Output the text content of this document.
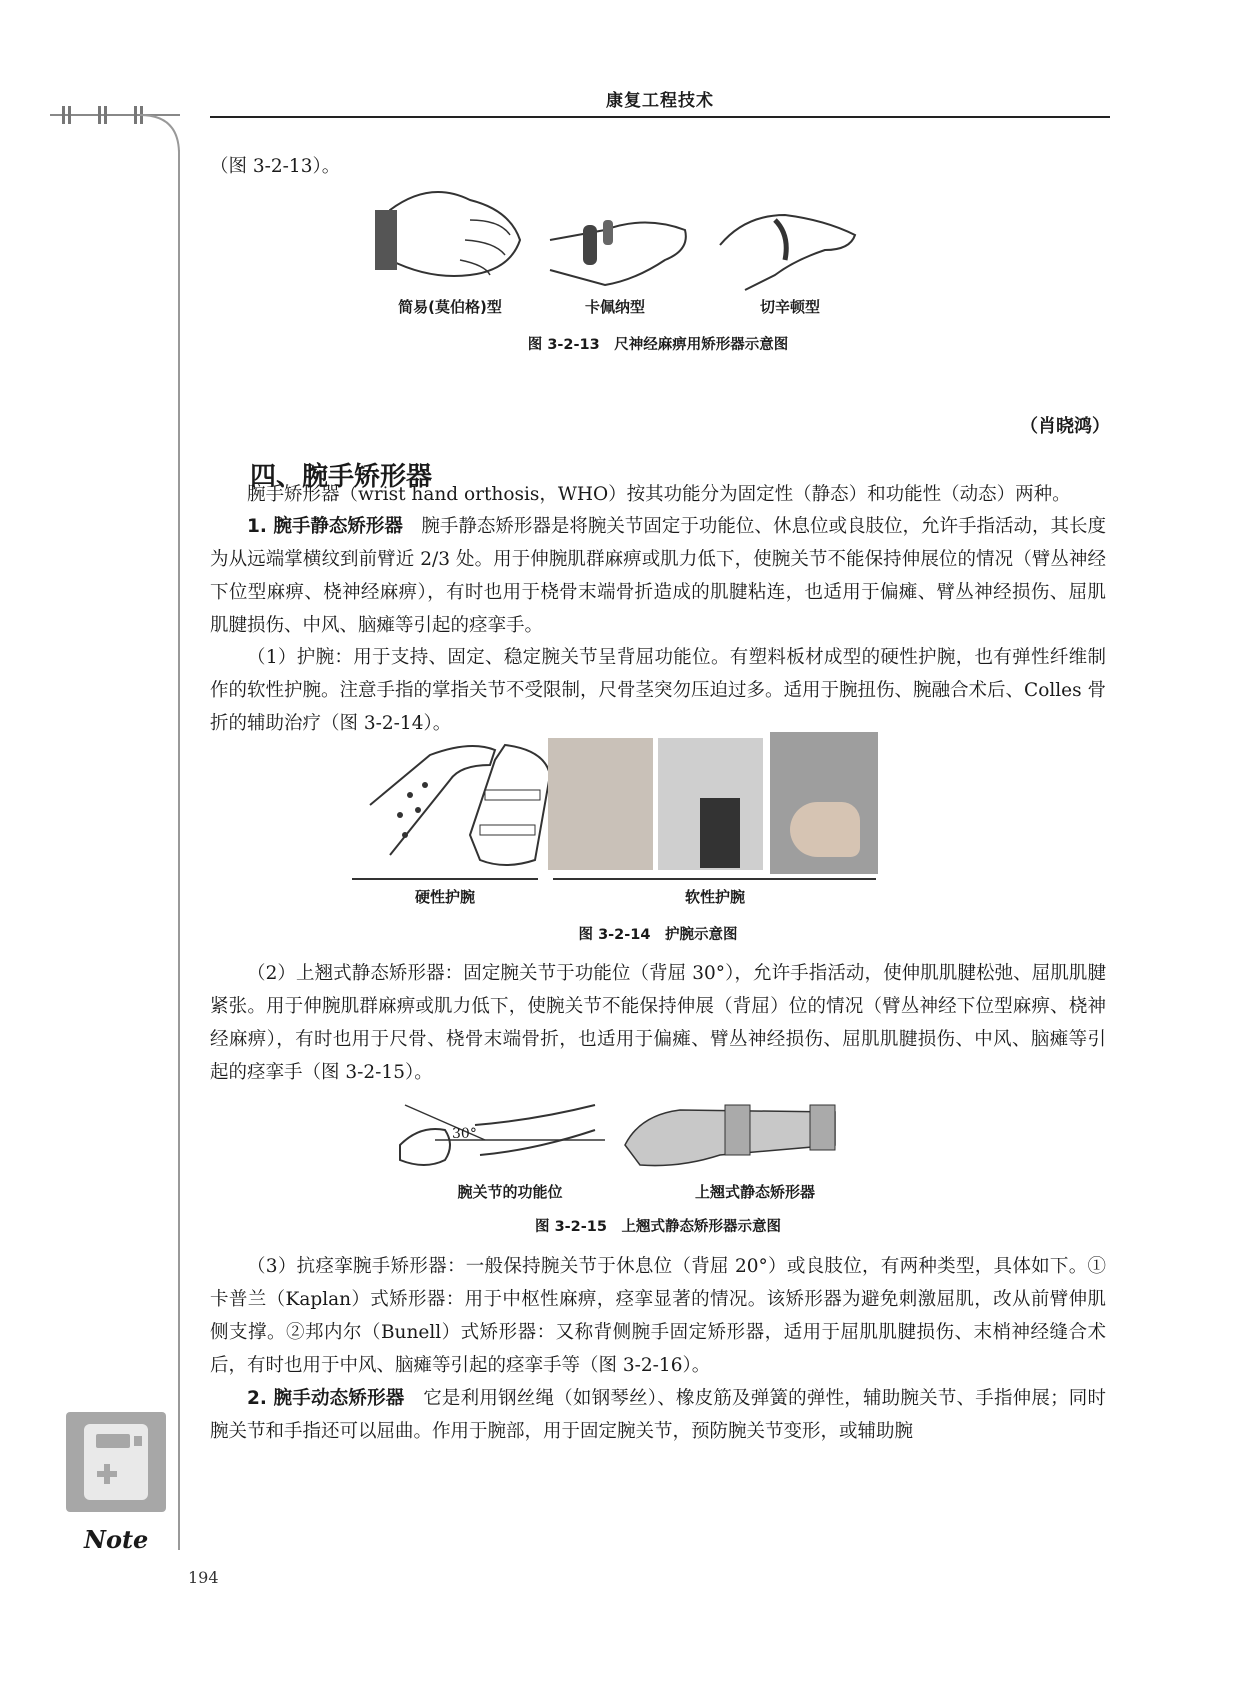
康复工程技术
（图 3-2-13）。
简易(莫伯格)型	卡佩纳型	切辛顿型
图 3-2-13　尺神经麻痹用矫形器示意图
（肖晓鸿）
四、腕手矫形器
腕手矫形器（wrist hand orthosis，WHO）按其功能分为固定性（静态）和功能性（动态）两种。
1. 腕手静态矫形器　腕手静态矫形器是将腕关节固定于功能位、休息位或良肢位，允许手指活动，其长度为从远端掌横纹到前臂近 2/3 处。用于伸腕肌群麻痹或肌力低下，使腕关节不能保持伸展位的情况（臂丛神经下位型麻痹、桡神经麻痹），有时也用于桡骨末端骨折造成的肌腱粘连，也适用于偏瘫、臂丛神经损伤、屈肌肌腱损伤、中风、脑瘫等引起的痉挛手。
（1）护腕：用于支持、固定、稳定腕关节呈背屈功能位。有塑料板材成型的硬性护腕，也有弹性纤维制作的软性护腕。注意手指的掌指关节不受限制，尺骨茎突勿压迫过多。适用于腕扭伤、腕融合术后、Colles 骨折的辅助治疗（图 3-2-14）。
硬性护腕	软性护腕
图 3-2-14　护腕示意图
（2）上翘式静态矫形器：固定腕关节于功能位（背屈 30°），允许手指活动，使伸肌肌腱松弛、屈肌肌腱紧张。用于伸腕肌群麻痹或肌力低下，使腕关节不能保持伸展（背屈）位的情况（臂丛神经下位型麻痹、桡神经麻痹），有时也用于尺骨、桡骨末端骨折，也适用于偏瘫、臂丛神经损伤、屈肌肌腱损伤、中风、脑瘫等引起的痉挛手（图 3-2-15）。
30°
腕关节的功能位	上翘式静态矫形器
图 3-2-15　上翘式静态矫形器示意图
（3）抗痉挛腕手矫形器：一般保持腕关节于休息位（背屈 20°）或良肢位，有两种类型，具体如下。①卡普兰（Kaplan）式矫形器：用于中枢性麻痹，痉挛显著的情况。该矫形器为避免刺激屈肌，改从前臂伸肌侧支撑。②邦内尔（Bunell）式矫形器：又称背侧腕手固定矫形器，适用于屈肌肌腱损伤、末梢神经缝合术后，有时也用于中风、脑瘫等引起的痉挛手等（图 3-2-16）。
2. 腕手动态矫形器　它是利用钢丝绳（如钢琴丝）、橡皮筋及弹簧的弹性，辅助腕关节、手指伸展；同时腕关节和手指还可以屈曲。作用于腕部，用于固定腕关节，预防腕关节变形，或辅助腕
Note
194
